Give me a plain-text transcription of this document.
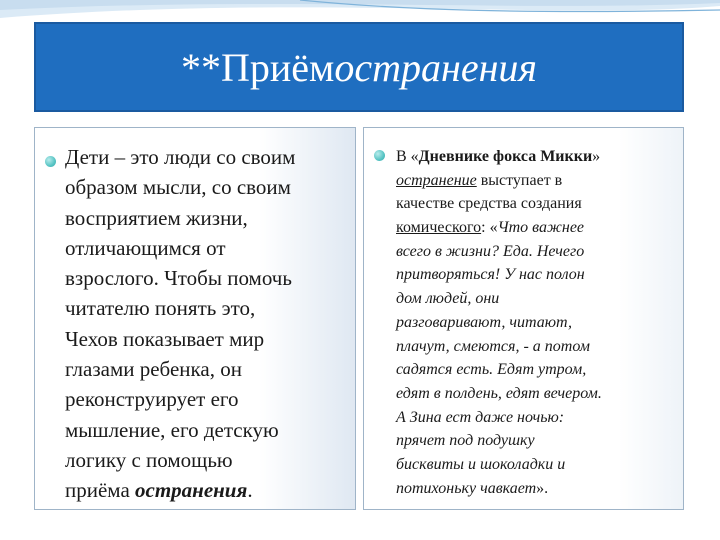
**Приём остранения
Дети – это люди со своим
образом мысли, со своим
восприятием жизни,
отличающимся от
взрослого. Чтобы помочь
читателю понять это,
Чехов показывает мир
глазами ребенка, он
реконструирует его
мышление, его детскую
логику с помощью
приёма остранения.
В «Дневнике фокса Микки»
остранение выступает в
качестве средства создания
комического: «Что важнее
всего в жизни? Еда. Нечего
притворяться! У нас полон
дом людей, они
разговаривают, читают,
плачут, смеются, - а потом
садятся есть. Едят утром,
едят в полдень, едят вечером.
А Зина ест даже ночью:
прячет под подушку
бисквиты и шоколадки и
потихоньку чавкает».
